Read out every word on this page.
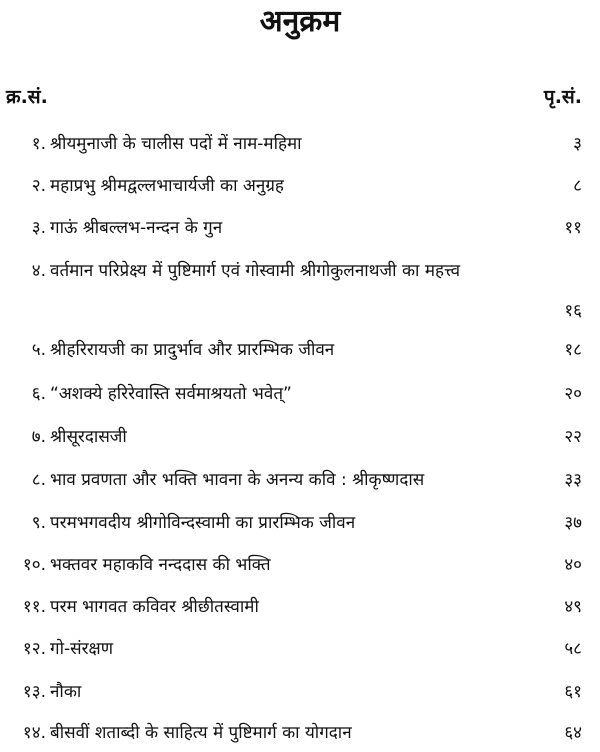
अनुक्रम
क्र.सं.	पृ.सं.
१. श्रीयमुनाजी के चालीस पदों में नाम-महिमा	३
२. महाप्रभु श्रीमद्वल्लभाचार्यजी का अनुग्रह	८
३. गाऊं श्रीबल्लभ-नन्दन के गुन	११
४. वर्तमान परिप्रेक्ष्य में पुष्टिमार्ग एवं गोस्वामी श्रीगोकुलनाथजी का महत्त्व
१६
५. श्रीहरिरायजी का प्रादुर्भाव और प्रारम्भिक जीवन	१८
६. “अशक्ये हरिरेवास्ति सर्वमाश्रयतो भवेत्”	२०
७. श्रीसूरदासजी	२२
८. भाव प्रवणता और भक्ति भावना के अनन्य कवि : श्रीकृष्णदास	३३
९. परमभगवदीय श्रीगोविन्दस्वामी का प्रारम्भिक जीवन	३७
१०. भक्तवर महाकवि नन्ददास की भक्ति	४०
११. परम भागवत कविवर श्रीछीतस्वामी	४९
१२. गो-संरक्षण	५८
१३. नौका	६१
१४. बीसवीं शताब्दी के साहित्य में पुष्टिमार्ग का योगदान	६४
